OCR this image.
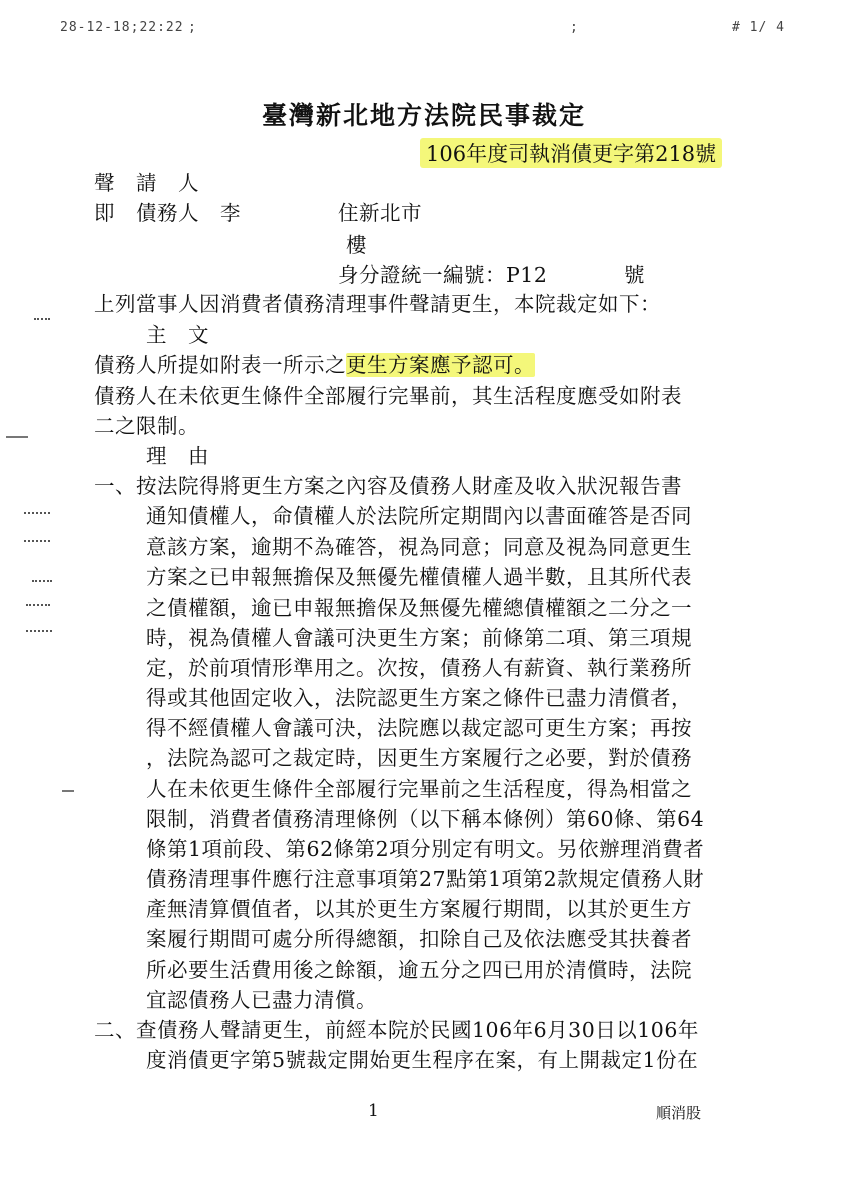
28-12-18;22:22 ;	;	# 1/ 4
臺灣新北地方法院民事裁定
106年度司執消債更字第218號
聲　請　人
即　債務人　李	住新北市
樓
身分證統一編號：P12	號
上列當事人因消費者債務清理事件聲請更生，本院裁定如下：
主　文
債務人所提如附表一所示之更生方案應予認可。
債務人在未依更生條件全部履行完畢前，其生活程度應受如附表
二之限制。
理　由
一、按法院得將更生方案之內容及債務人財產及收入狀況報告書
通知債權人，命債權人於法院所定期間內以書面確答是否同
意該方案，逾期不為確答，視為同意；同意及視為同意更生
方案之已申報無擔保及無優先權債權人過半數，且其所代表
之債權額，逾已申報無擔保及無優先權總債權額之二分之一
時，視為債權人會議可決更生方案；前條第二項、第三項規
定，於前項情形準用之。次按，債務人有薪資、執行業務所
得或其他固定收入，法院認更生方案之條件已盡力清償者，
得不經債權人會議可決，法院應以裁定認可更生方案；再按
，法院為認可之裁定時，因更生方案履行之必要，對於債務
人在未依更生條件全部履行完畢前之生活程度，得為相當之
限制，消費者債務清理條例（以下稱本條例）第60條、第64
條第1項前段、第62條第2項分別定有明文。另依辦理消費者
債務清理事件應行注意事項第27點第1項第2款規定債務人財
產無清算價值者，以其於更生方案履行期間，以其於更生方
案履行期間可處分所得總額，扣除自己及依法應受其扶養者
所必要生活費用後之餘額，逾五分之四已用於清償時，法院
宜認債務人已盡力清償。
二、查債務人聲請更生，前經本院於民國106年6月30日以106年
度消債更字第5號裁定開始更生程序在案，有上開裁定1份在
1	順消股
